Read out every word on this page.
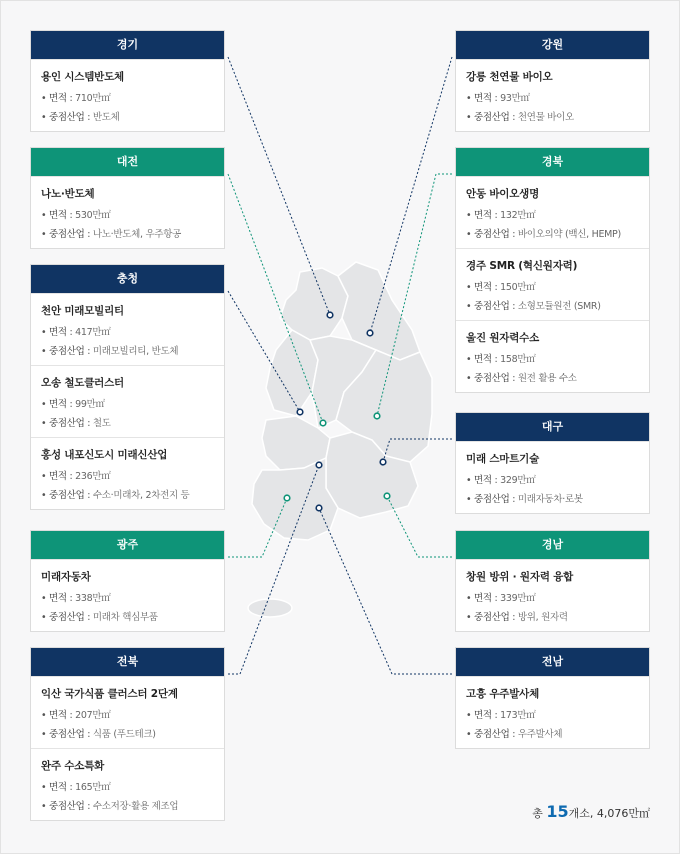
경기
용인 시스템반도체
• 면적 : 710만㎡
• 중점산업 : 반도체
대전
나노·반도체
• 면적 : 530만㎡
• 중점산업 : 나노·반도체, 우주항공
충청
천안 미래모빌리티
• 면적 : 417만㎡
• 중점산업 : 미래모빌리티, 반도체
오송 철도클러스터
• 면적 : 99만㎡
• 중점산업 : 철도
홍성 내포신도시 미래신산업
• 면적 : 236만㎡
• 중점산업 : 수소·미래차, 2차전지 등
광주
미래자동차
• 면적 : 338만㎡
• 중점산업 : 미래차 핵심부품
전북
익산 국가식품 클러스터 2단계
• 면적 : 207만㎡
• 중점산업 : 식품 (푸드테크)
완주 수소특화
• 면적 : 165만㎡
• 중점산업 : 수소저장·활용 제조업
강원
강릉 천연물 바이오
• 면적 : 93만㎡
• 중점산업 : 천연물 바이오
경북
안동 바이오생명
• 면적 : 132만㎡
• 중점산업 : 바이오의약 (백신, HEMP)
경주 SMR (혁신원자력)
• 면적 : 150만㎡
• 중점산업 : 소형모듈원전 (SMR)
울진 원자력수소
• 면적 : 158만㎡
• 중점산업 : 원전 활용 수소
대구
미래 스마트기술
• 면적 : 329만㎡
• 중점산업 : 미래자동차·로봇
경남
창원 방위 · 원자력 융합
• 면적 : 339만㎡
• 중점산업 : 방위, 원자력
전남
고흥 우주발사체
• 면적 : 173만㎡
• 중점산업 : 우주발사체
총 15개소, 4,076만㎡
